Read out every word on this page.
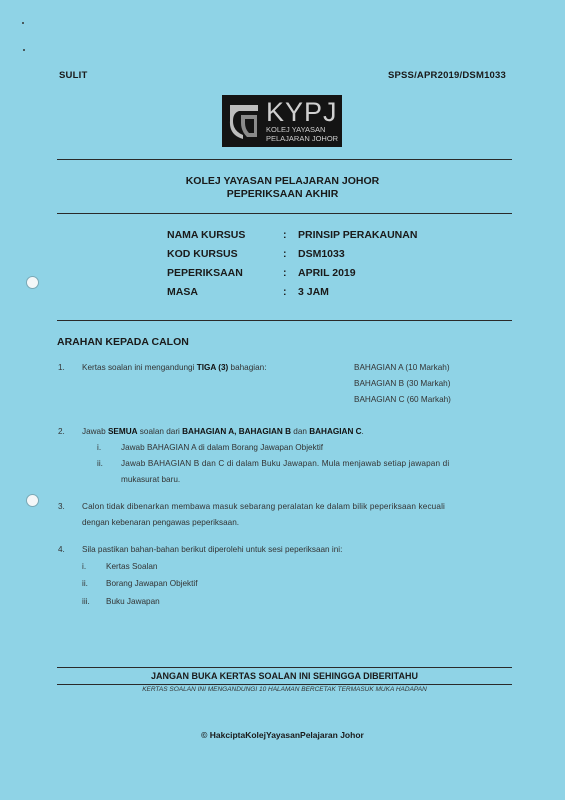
SULIT	SPSS/APR2019/DSM1033
KYPJ
KOLEJ YAYASAN
PELAJARAN JOHOR
KOLEJ YAYASAN PELAJARAN JOHOR
PEPERIKSAAN AKHIR
NAMA KURSUS	: PRINSIP PERAKAUNAN
KOD KURSUS	: DSM1033
PEPERIKSAAN	: APRIL 2019
MASA	: 3 JAM
ARAHAN KEPADA CALON
1. Kertas soalan ini mengandungi TIGA (3) bahagian:	BAHAGIAN A (10 Markah)
BAHAGIAN B (30 Markah)
BAHAGIAN C (60 Markah)
2. Jawab SEMUA soalan dari BAHAGIAN A, BAHAGIAN B dan BAHAGIAN C.
i. Jawab BAHAGIAN A di dalam Borang Jawapan Objektif
ii. Jawab BAHAGIAN B dan C di dalam Buku Jawapan. Mula menjawab setiap jawapan di
mukasurat baru.
3. Calon tidak dibenarkan membawa masuk sebarang peralatan ke dalam bilik peperiksaan kecuali
dengan kebenaran pengawas peperiksaan.
4. Sila pastikan bahan-bahan berikut diperolehi untuk sesi peperiksaan ini:
i. Kertas Soalan
ii. Borang Jawapan Objektif
iii. Buku Jawapan
JANGAN BUKA KERTAS SOALAN INI SEHINGGA DIBERITAHU
KERTAS SOALAN INI MENGANDUNGI 10 HALAMAN BERCETAK TERMASUK MUKA HADAPAN
© HakciptaKolejYayasanPelajaran Johor
